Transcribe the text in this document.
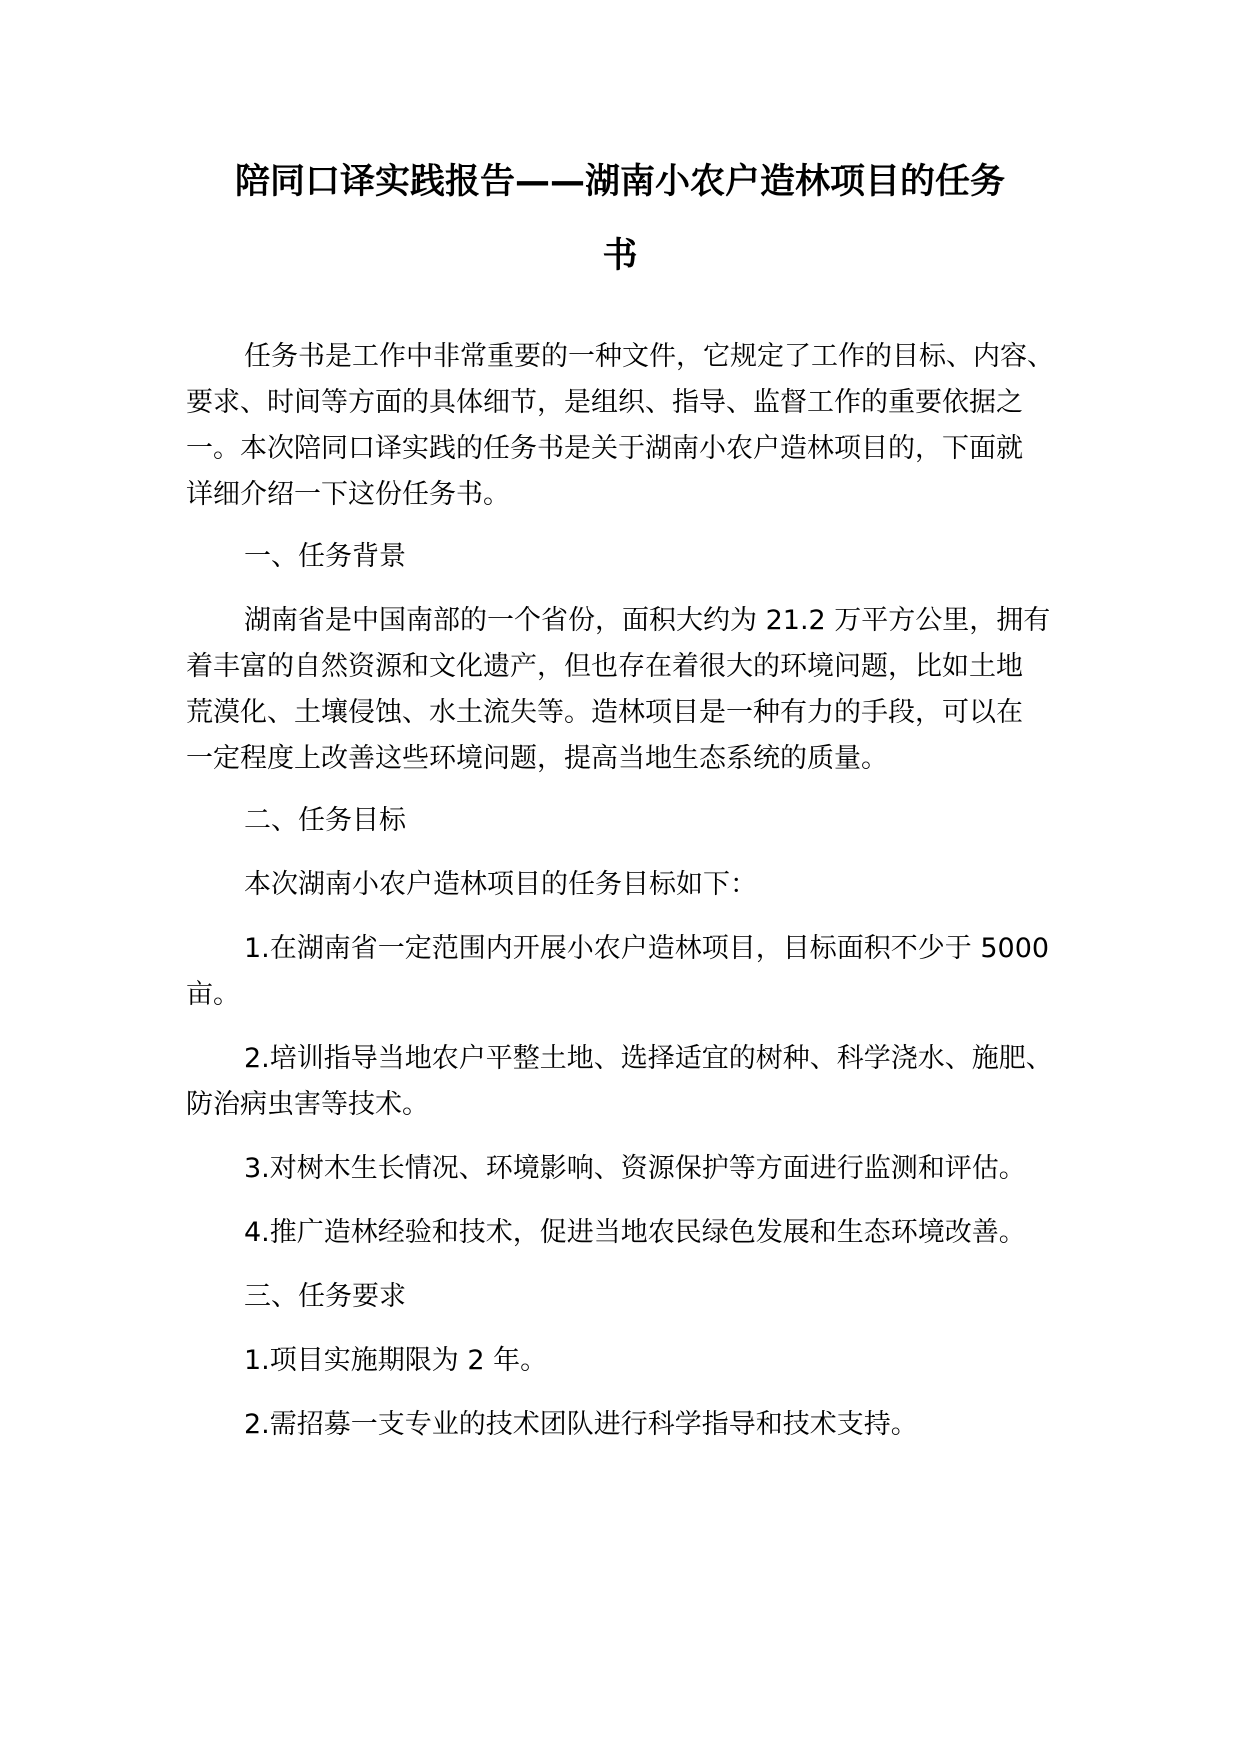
陪同口译实践报告——湖南小农户造林项目的任务
书
任务书是工作中非常重要的一种文件，它规定了工作的目标、内容、
要求、时间等方面的具体细节，是组织、指导、监督工作的重要依据之
一。本次陪同口译实践的任务书是关于湖南小农户造林项目的，下面就
详细介绍一下这份任务书。
一、任务背景
湖南省是中国南部的一个省份，面积大约为 21.2 万平方公里，拥有
着丰富的自然资源和文化遗产，但也存在着很大的环境问题，比如土地
荒漠化、土壤侵蚀、水土流失等。造林项目是一种有力的手段，可以在
一定程度上改善这些环境问题，提高当地生态系统的质量。
二、任务目标
本次湖南小农户造林项目的任务目标如下：
1.在湖南省一定范围内开展小农户造林项目，目标面积不少于 5000
亩。
2.培训指导当地农户平整土地、选择适宜的树种、科学浇水、施肥、
防治病虫害等技术。
3.对树木生长情况、环境影响、资源保护等方面进行监测和评估。
4.推广造林经验和技术，促进当地农民绿色发展和生态环境改善。
三、任务要求
1.项目实施期限为 2 年。
2.需招募一支专业的技术团队进行科学指导和技术支持。
